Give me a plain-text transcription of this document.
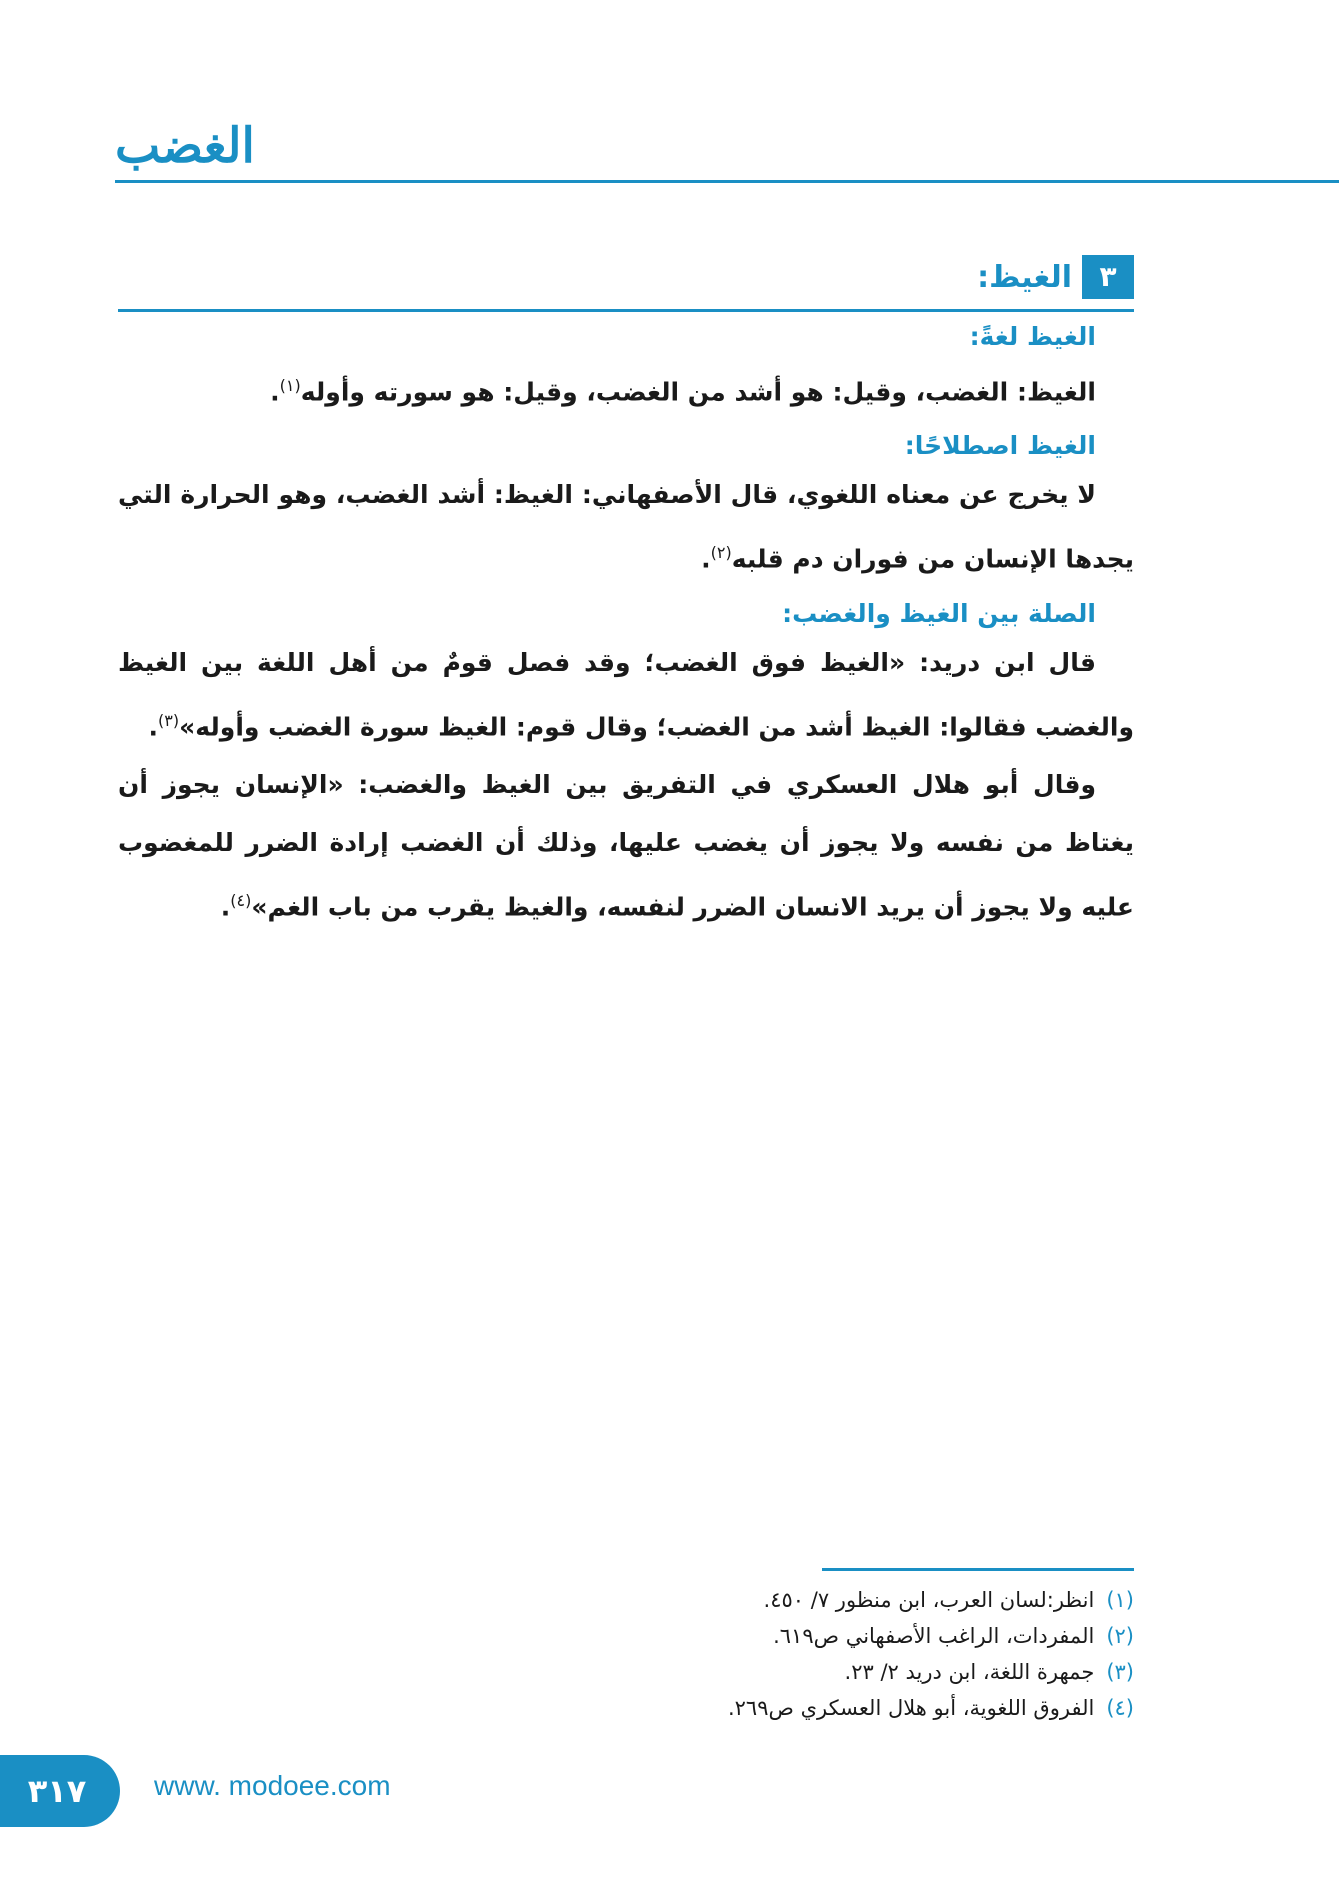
الغضب
٣
الغيظ:
الغيظ لغةً:

الغيظ: الغضب، وقيل: هو أشد من الغضب، وقيل: هو سورته وأوله$^{(١)}$.

الغيظ اصطلاحًا:

لا يخرج عن معناه اللغوي، قال الأصفهاني: الغيظ: أشد الغضب، وهو الحرارة التي يجدها الإنسان من فوران دم قلبه$^{(٢)}$.

الصلة بين الغيظ والغضب:

قال ابن دريد: «الغيظ فوق الغضب؛ وقد فصل قومٌ من أهل اللغة بين الغيظ والغضب فقالوا: الغيظ أشد من الغضب؛ وقال قوم: الغيظ سورة الغضب وأوله»$^{(٣)}$.

وقال أبو هلال العسكري في التفريق بين الغيظ والغضب: «الإنسان يجوز أن يغتاظ من نفسه ولا يجوز أن يغضب عليها، وذلك أن الغضب إرادة الضرر للمغضوب عليه ولا يجوز أن يريد الانسان الضرر لنفسه، والغيظ يقرب من باب الغم»$^{(٤)}$.

(١)انظر:لسان العرب، ابن منظور ٧/ ٤٥٠.
(٢)المفردات، الراغب الأصفهاني ص٦١٩.
(٣)جمهرة اللغة، ابن دريد ٢/ ٢٣.
(٤)الفروق اللغوية، أبو هلال العسكري ص٢٦٩.
٣١٧	www. modoee.com
